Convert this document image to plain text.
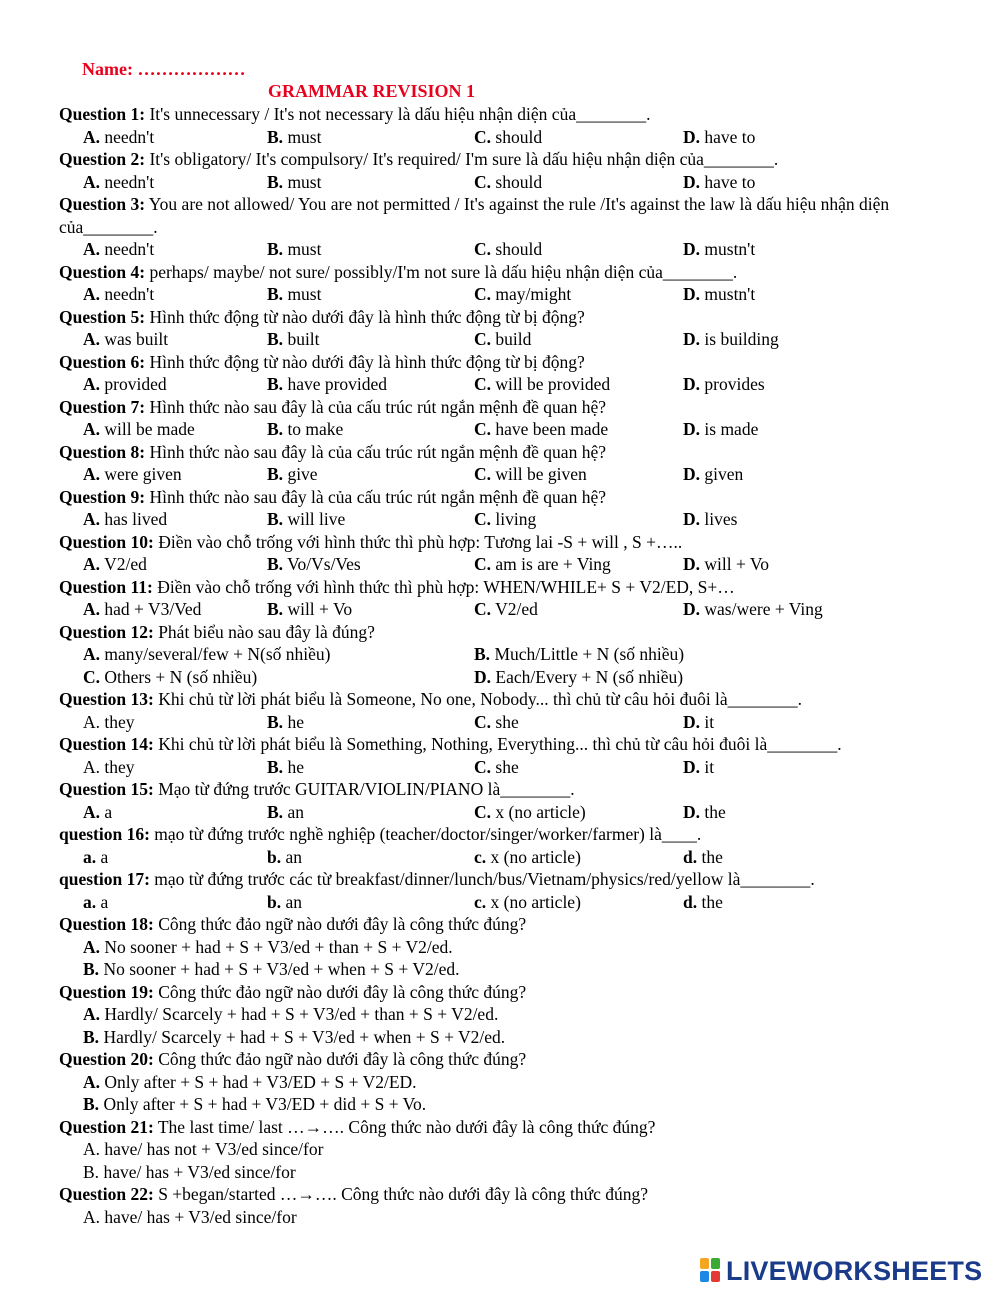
Name: ………………
GRAMMAR REVISION 1
Question 1: It's unnecessary / It's not necessary là dấu hiệu nhận diện của________.
A. needn't	B. must	C. should	D. have to
Question 2: It's obligatory/ It's compulsory/ It's required/ I'm sure là dấu hiệu nhận diện của________.
A. needn't	B. must	C. should	D. have to
Question 3: You are not allowed/ You are not permitted / It's against the rule /It's against the law là dấu hiệu nhận diện của________.
A. needn't	B. must	C. should	D. mustn't
Question 4: perhaps/ maybe/ not sure/ possibly/I'm not sure là dấu hiệu nhận diện của________.
A. needn't	B. must	C. may/might	D. mustn't
Question 5: Hình thức động từ nào dưới đây là hình thức động từ bị động?
A. was built	B. built	C. build	D. is building
Question 6: Hình thức động từ nào dưới đây là hình thức động từ bị động?
A. provided	B. have provided	C. will be provided	D. provides
Question 7: Hình thức nào sau đây là của cấu trúc rút ngắn mệnh đề quan hệ?
A. will be made	B. to make	C. have been made	D. is made
Question 8: Hình thức nào sau đây là của cấu trúc rút ngắn mệnh đề quan hệ?
A. were given	B. give	C. will be given	D. given
Question 9: Hình thức nào sau đây là của cấu trúc rút ngắn mệnh đề quan hệ?
A. has lived	B. will live	C. living	D. lives
Question 10: Điền vào chỗ trống với hình thức thì phù hợp: Tương lai -S + will , S +…..
A. V2/ed	B. Vo/Vs/Ves	C. am is are + Ving	D. will + Vo
Question 11: Điền vào chỗ trống với hình thức thì phù hợp: WHEN/WHILE+ S + V2/ED, S+…
A. had + V3/Ved	B. will + Vo	C. V2/ed	D. was/were + Ving
Question 12: Phát biểu nào sau đây là đúng?
A. many/several/few + N(số nhiều)	B. Much/Little + N (số nhiều)
C. Others + N (số nhiều)	D. Each/Every + N (số nhiều)
Question 13: Khi chủ từ lời phát biểu là Someone, No one, Nobody... thì chủ từ câu hỏi đuôi là________.
A. they	B. he	C. she	D. it
Question 14: Khi chủ từ lời phát biểu là Something, Nothing, Everything... thì chủ từ câu hỏi đuôi là________.
A. they	B. he	C. she	D. it
Question 15: Mạo từ đứng trước GUITAR/VIOLIN/PIANO là________.
A. a	B. an	C. x (no article)	D. the
question 16: mạo từ đứng trước nghề nghiệp (teacher/doctor/singer/worker/farmer) là____.
a. a	b. an	c. x (no article)	d. the
question 17: mạo từ đứng trước các từ breakfast/dinner/lunch/bus/Vietnam/physics/red/yellow là________.
a. a	b. an	c. x (no article)	d. the
Question 18: Công thức đảo ngữ nào dưới đây là công thức đúng?
A. No sooner + had + S + V3/ed + than + S + V2/ed.
B. No sooner + had + S + V3/ed + when + S + V2/ed.
Question 19: Công thức đảo ngữ nào dưới đây là công thức đúng?
A. Hardly/ Scarcely + had + S + V3/ed + than + S + V2/ed.
B. Hardly/ Scarcely + had + S + V3/ed + when + S + V2/ed.
Question 20: Công thức đảo ngữ nào dưới đây là công thức đúng?
A. Only after + S + had + V3/ED + S + V2/ED.
B. Only after + S + had + V3/ED + did + S + Vo.
Question 21: The last time/ last …→…. Công thức nào dưới đây là công thức đúng?
A. have/ has not + V3/ed since/for
B. have/ has + V3/ed since/for
Question 22: S +began/started …→…. Công thức nào dưới đây là công thức đúng?
A. have/ has + V3/ed since/for
LIVEWORKSHEETS
